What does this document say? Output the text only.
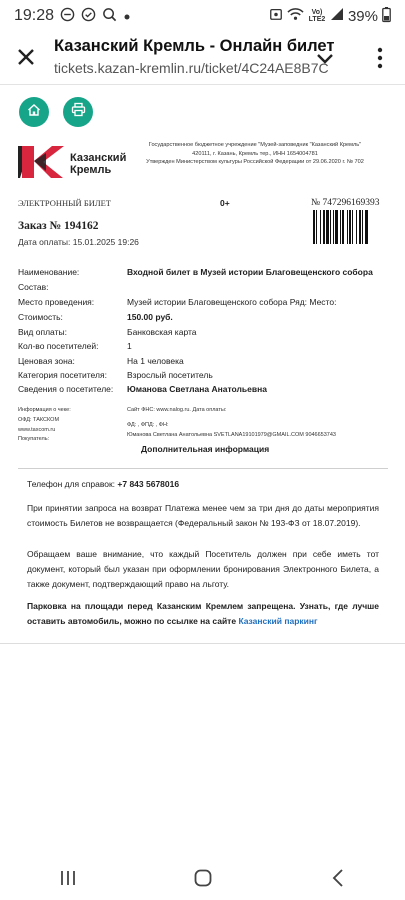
19:28	Vo) LTE2 39%
Казанский Кремль - Онлайн билет
tickets.kazan-kremlin.ru/ticket/4C24AE8B7C
Казанский
Кремль
Государственное бюджетное учреждение "Музей-заповедник "Казанский Кремль"
420111, г. Казань, Кремль тер., ИНН 1654004781
Утвержден Министерством культуры Российской Федерации от 29.06.2020 г. № 702
ЭЛЕКТРОННЫЙ БИЛЕТ	0+	№ 747296169393
Заказ № 194162
Дата оплаты: 15.01.2025 19:26
Наименование:	Входной билет в Музей истории Благовещенского собора
Состав:
Место проведения:	Музей истории Благовещенского собора Ряд: Место:
Стоимость:	150.00 руб.
Вид оплаты:	Банковская карта
Кол-во посетителей:	1
Ценовая зона:	На 1 человека
Категория посетителя: Взрослый посетитель
Сведения о посетителе: Юманова Светлана Анатольевна
Информация о чеке:
ОФД: ТАКСКОМ
www.taxcom.ru
Покупатель:
Сайт ФНС: www.nalog.ru. Дата оплаты:
ФД: , ФПД: , ФН:
Юманова Светлана Анатольевна SVETLANA19101979@GMAIL.COM 9046653743
Дополнительная информация
Телефон для справок: +7 843 5678016
При принятии запроса на возврат Платежа менее чем за три дня до даты мероприятия стоимость Билетов не возвращается (Федеральный закон № 193-ФЗ от 18.07.2019).
Обращаем ваше внимание, что каждый Посетитель должен при себе иметь тот документ, который был указан при оформлении бронирования Электронного Билета, а также документ, подтверждающий право на льготу.
Парковка на площади перед Казанским Кремлем запрещена. Узнать, где лучше оставить автомобиль, можно по ссылке на сайте Казанский паркинг
